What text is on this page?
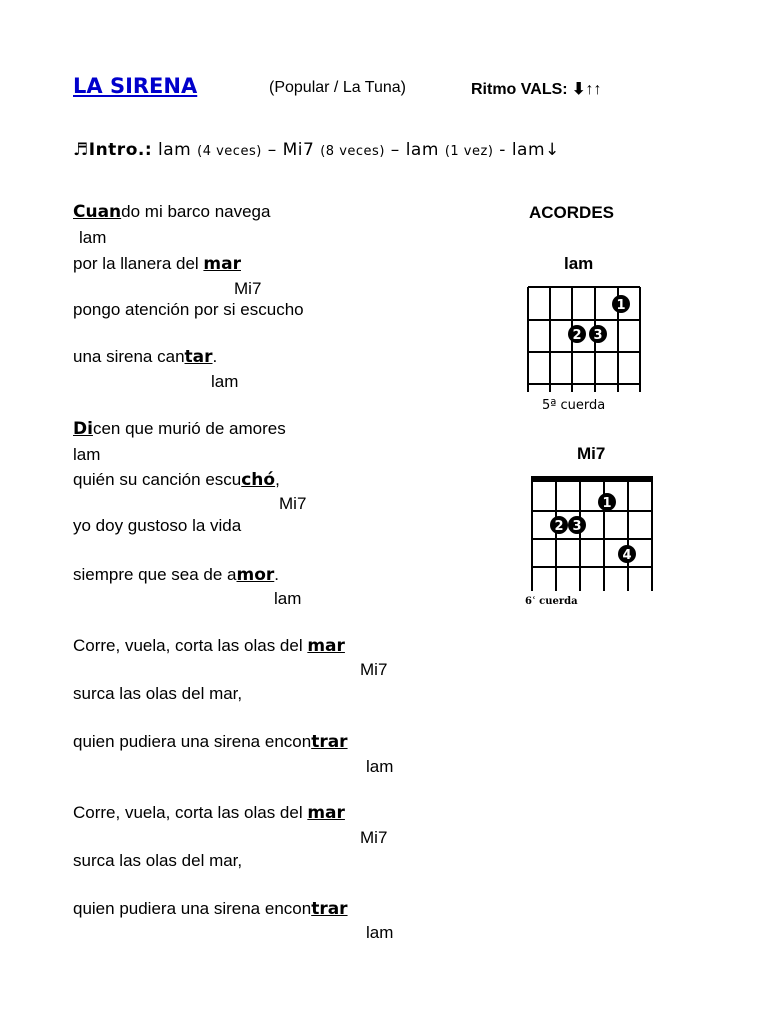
LA SIRENA	(Popular / La Tuna)	Ritmo VALS: ⬇↑↑
♬Intro.: lam (4 veces) – Mi7 (8 veces) – lam (1 vez) - lam↓
Cuando mi barco navega
lam
por la llanera del mar
Mi7
pongo atención por si escucho
una sirena cantar.
lam
Dicen que murió de amores
lam
quién su canción escuchó,
Mi7
yo doy gustoso la vida
siempre que sea de amor.
lam
Corre, vuela, corta las olas del mar
Mi7
surca las olas del mar,
quien pudiera una sirena encontrar
lam
Corre, vuela, corta las olas del mar
Mi7
surca las olas del mar,
quien pudiera una sirena encontrar
lam
ACORDES
lam
Mi7
1
2 3
5ª cuerda
1
2 3
4
6ʿ cuerda
